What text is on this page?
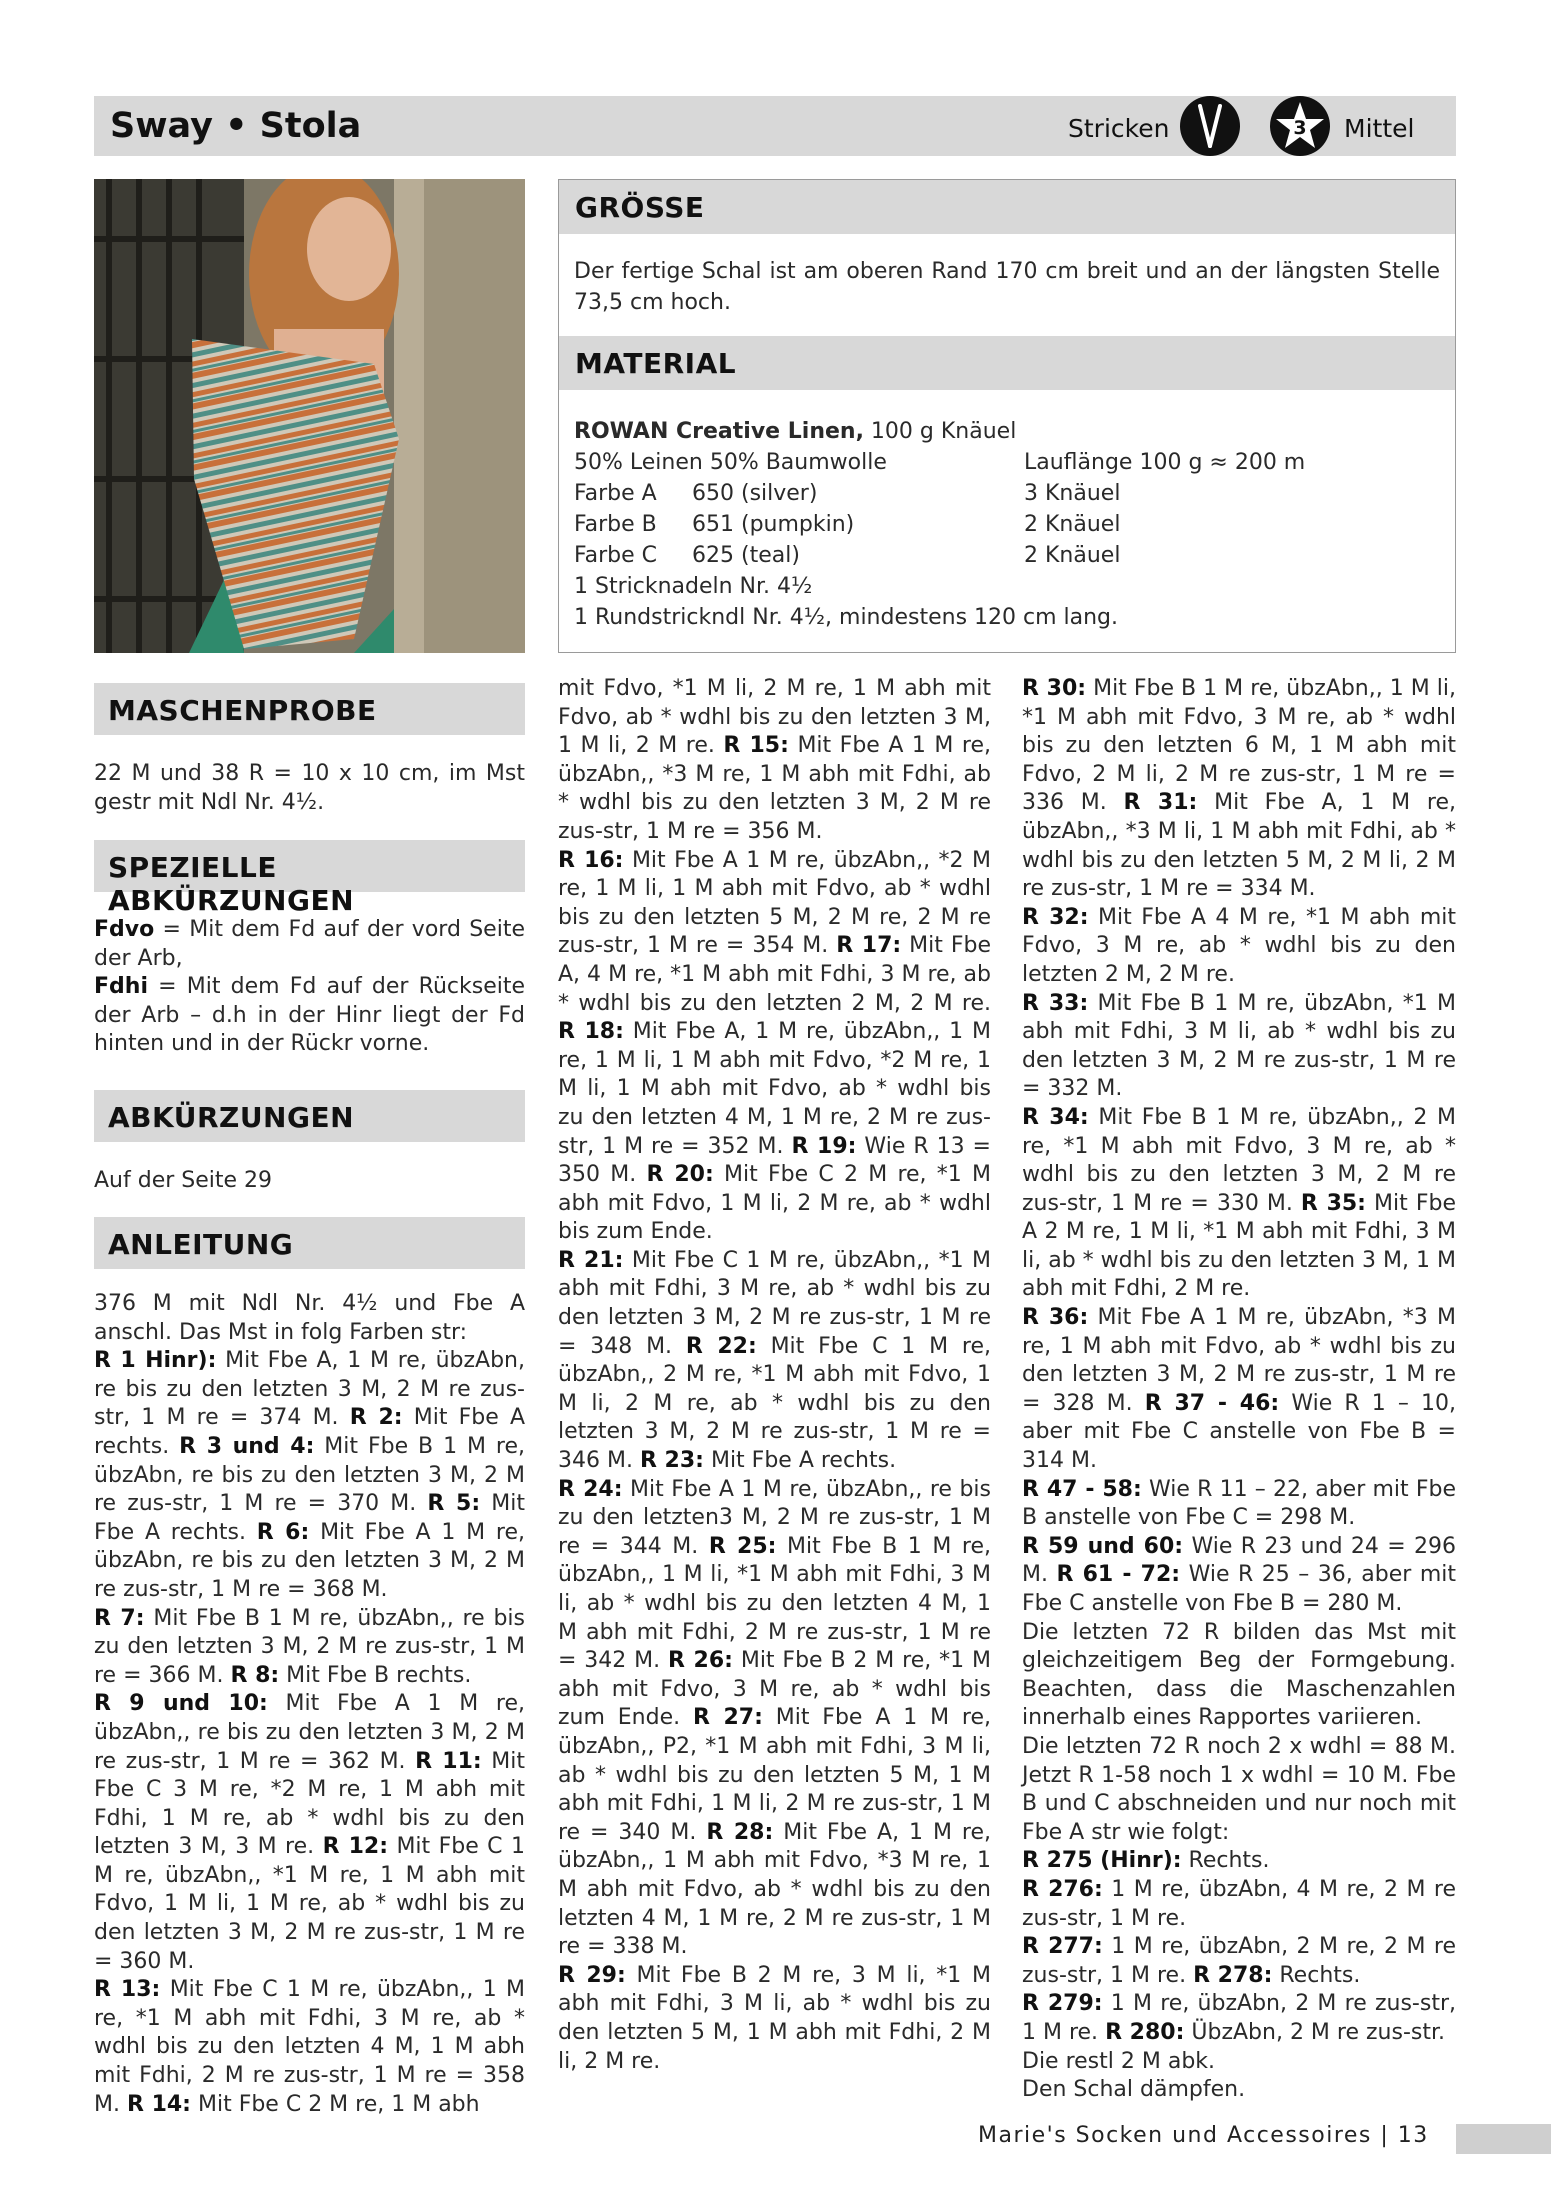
Sway • Stola	Stricken	3 Mittel
GRÖSSE
Der fertige Schal ist am oberen Rand 170 cm breit und an der längsten Stelle 73,5 cm hoch.
MATERIAL
ROWAN Creative Linen, 100 g Knäuel
50% Leinen 50% Baumwolle	Lauflänge 100 g ≈ 200 m
Farbe A 650 (silver)	3 Knäuel
Farbe B 651 (pumpkin)	2 Knäuel
Farbe C 625 (teal)	2 Knäuel
1 Stricknadeln Nr. 4½
1 Rundstrickndl Nr. 4½, mindestens 120 cm lang.
MASCHENPROBE

22 M und 38 R = 10 x 10 cm, im Mst gestr mit Ndl Nr. 4½.

SPEZIELLE ABKÜRZUNGEN

Fdvo = Mit dem Fd auf der vord Seite der Arb,

Fdhi = Mit dem Fd auf der Rückseite der Arb – d.h in der Hinr liegt der Fd hinten und in der Rückr vorne.

ABKÜRZUNGEN

Auf der Seite 29

ANLEITUNG

376 M mit Ndl Nr. 4½ und Fbe A anschl. Das Mst in folg Farben str:

R 1 Hinr): Mit Fbe A, 1 M re, übzAbn, re bis zu den letzten 3 M, 2 M re zus-str, 1 M re = 374 M. R 2: Mit Fbe A rechts. R 3 und 4: Mit Fbe B 1 M re, übzAbn, re bis zu den letzten 3 M, 2 M re zus-str, 1 M re = 370 M. R 5: Mit Fbe A rechts. R 6: Mit Fbe A 1 M re, übzAbn, re bis zu den letzten 3 M, 2 M re zus-str, 1 M re = 368 M.

R 7: Mit Fbe B 1 M re, übzAbn,, re bis zu den letzten 3 M, 2 M re zus-str, 1 M re = 366 M. R 8: Mit Fbe B rechts.

R 9 und 10: Mit Fbe A 1 M re, übzAbn,, re bis zu den letzten 3 M, 2 M re zus-str, 1 M re = 362 M. R 11: Mit Fbe C 3 M re, *2 M re, 1 M abh mit Fdhi, 1 M re, ab * wdhl bis zu den letzten 3 M, 3 M re. R 12: Mit Fbe C 1 M re, übzAbn,, *1 M re, 1 M abh mit Fdvo, 1 M li, 1 M re, ab * wdhl bis zu den letzten 3 M, 2 M re zus-str, 1 M re = 360 M.

R 13: Mit Fbe C 1 M re, übzAbn,, 1 M re, *1 M abh mit Fdhi, 3 M re, ab * wdhl bis zu den letzten 4 M, 1 M abh mit Fdhi, 2 M re zus-str, 1 M re = 358 M. R 14: Mit Fbe C 2 M re, 1 M abh

mit Fdvo, *1 M li, 2 M re, 1 M abh mit Fdvo, ab * wdhl bis zu den letzten 3 M, 1 M li, 2 M re. R 15: Mit Fbe A 1 M re, übzAbn,, *3 M re, 1 M abh mit Fdhi, ab * wdhl bis zu den letzten 3 M, 2 M re zus-str, 1 M re = 356 M.

R 16: Mit Fbe A 1 M re, übzAbn,, *2 M re, 1 M li, 1 M abh mit Fdvo, ab * wdhl bis zu den letzten 5 M, 2 M re, 2 M re zus-str, 1 M re = 354 M. R 17: Mit Fbe A, 4 M re, *1 M abh mit Fdhi, 3 M re, ab * wdhl bis zu den letzten 2 M, 2 M re. R 18: Mit Fbe A, 1 M re, übzAbn,, 1 M re, 1 M li, 1 M abh mit Fdvo, *2 M re, 1 M li, 1 M abh mit Fdvo, ab * wdhl bis zu den letzten 4 M, 1 M re, 2 M re zus-str, 1 M re = 352 M. R 19: Wie R 13 = 350 M. R 20: Mit Fbe C 2 M re, *1 M abh mit Fdvo, 1 M li, 2 M re, ab * wdhl bis zum Ende.

R 21: Mit Fbe C 1 M re, übzAbn,, *1 M abh mit Fdhi, 3 M re, ab * wdhl bis zu den letzten 3 M, 2 M re zus-str, 1 M re = 348 M. R 22: Mit Fbe C 1 M re, übzAbn,, 2 M re, *1 M abh mit Fdvo, 1 M li, 2 M re, ab * wdhl bis zu den letzten 3 M, 2 M re zus-str, 1 M re = 346 M. R 23: Mit Fbe A rechts.

R 24: Mit Fbe A 1 M re, übzAbn,, re bis zu den letzten3 M, 2 M re zus-str, 1 M re = 344 M. R 25: Mit Fbe B 1 M re, übzAbn,, 1 M li, *1 M abh mit Fdhi, 3 M li, ab * wdhl bis zu den letzten 4 M, 1 M abh mit Fdhi, 2 M re zus-str, 1 M re = 342 M. R 26: Mit Fbe B 2 M re, *1 M abh mit Fdvo, 3 M re, ab * wdhl bis zum Ende. R 27: Mit Fbe A 1 M re, übzAbn,, P2, *1 M abh mit Fdhi, 3 M li, ab * wdhl bis zu den letzten 5 M, 1 M abh mit Fdhi, 1 M li, 2 M re zus-str, 1 M re = 340 M. R 28: Mit Fbe A, 1 M re, übzAbn,, 1 M abh mit Fdvo, *3 M re, 1 M abh mit Fdvo, ab * wdhl bis zu den letzten 4 M, 1 M re, 2 M re zus-str, 1 M re = 338 M.

R 29: Mit Fbe B 2 M re, 3 M li, *1 M abh mit Fdhi, 3 M li, ab * wdhl bis zu den letzten 5 M, 1 M abh mit Fdhi, 2 M li, 2 M re.

R 30: Mit Fbe B 1 M re, übzAbn,, 1 M li, *1 M abh mit Fdvo, 3 M re, ab * wdhl bis zu den letzten 6 M, 1 M abh mit Fdvo, 2 M li, 2 M re zus-str, 1 M re = 336 M. R 31: Mit Fbe A, 1 M re, übzAbn,, *3 M li, 1 M abh mit Fdhi, ab * wdhl bis zu den letzten 5 M, 2 M li, 2 M re zus-str, 1 M re = 334 M.

R 32: Mit Fbe A 4 M re, *1 M abh mit Fdvo, 3 M re, ab * wdhl bis zu den letzten 2 M, 2 M re.

R 33: Mit Fbe B 1 M re, übzAbn, *1 M abh mit Fdhi, 3 M li, ab * wdhl bis zu den letzten 3 M, 2 M re zus-str, 1 M re = 332 M.

R 34: Mit Fbe B 1 M re, übzAbn,, 2 M re, *1 M abh mit Fdvo, 3 M re, ab * wdhl bis zu den letzten 3 M, 2 M re zus-str, 1 M re = 330 M. R 35: Mit Fbe A 2 M re, 1 M li, *1 M abh mit Fdhi, 3 M li, ab * wdhl bis zu den letzten 3 M, 1 M abh mit Fdhi, 2 M re.

R 36: Mit Fbe A 1 M re, übzAbn, *3 M re, 1 M abh mit Fdvo, ab * wdhl bis zu den letzten 3 M, 2 M re zus-str, 1 M re = 328 M. R 37 - 46: Wie R 1 – 10, aber mit Fbe C anstelle von Fbe B = 314 M.

R 47 - 58: Wie R 11 – 22, aber mit Fbe B anstelle von Fbe C = 298 M.

R 59 und 60: Wie R 23 und 24 = 296 M. R 61 - 72: Wie R 25 – 36, aber mit Fbe C anstelle von Fbe B = 280 M.

Die letzten 72 R bilden das Mst mit gleichzeitigem Beg der Formgebung. Beachten, dass die Maschenzahlen innerhalb eines Rapportes variieren.

Die letzten 72 R noch 2 x wdhl = 88 M. Jetzt R 1-58 noch 1 x wdhl = 10 M. Fbe B und C abschneiden und nur noch mit Fbe A str wie folgt:

R 275 (Hinr): Rechts.

R 276: 1 M re, übzAbn, 4 M re, 2 M re zus-str, 1 M re.

R 277: 1 M re, übzAbn, 2 M re, 2 M re zus-str, 1 M re. R 278: Rechts.

R 279: 1 M re, übzAbn, 2 M re zus-str, 1 M re. R 280: ÜbzAbn, 2 M re zus-str.

Die restl 2 M abk.

Den Schal dämpfen.

Marie's Socken und Accessoires | 13
